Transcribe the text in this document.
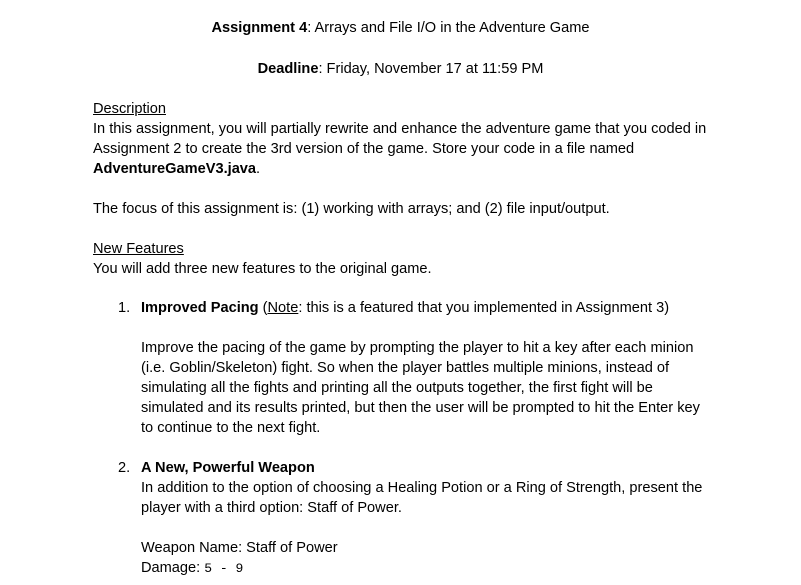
Assignment 4: Arrays and File I/O in the Adventure Game
Deadline: Friday, November 17 at 11:59 PM
Description
In this assignment, you will partially rewrite and enhance the adventure game that you coded in
Assignment 2 to create the 3rd version of the game. Store your code in a file named
AdventureGameV3.java.
The focus of this assignment is: (1) working with arrays; and (2) file input/output.
New Features
You will add three new features to the original game.
1. Improved Pacing (Note: this is a featured that you implemented in Assignment 3)
Improve the pacing of the game by prompting the player to hit a key after each minion
(i.e. Goblin/Skeleton) fight. So when the player battles multiple minions, instead of
simulating all the fights and printing all the outputs together, the first fight will be
simulated and its results printed, but then the user will be prompted to hit the Enter key
to continue to the next fight.
2. A New, Powerful Weapon
In addition to the option of choosing a Healing Potion or a Ring of Strength, present the
player with a third option: Staff of Power.
Weapon Name: Staff of Power
Damage: 5 - 9
